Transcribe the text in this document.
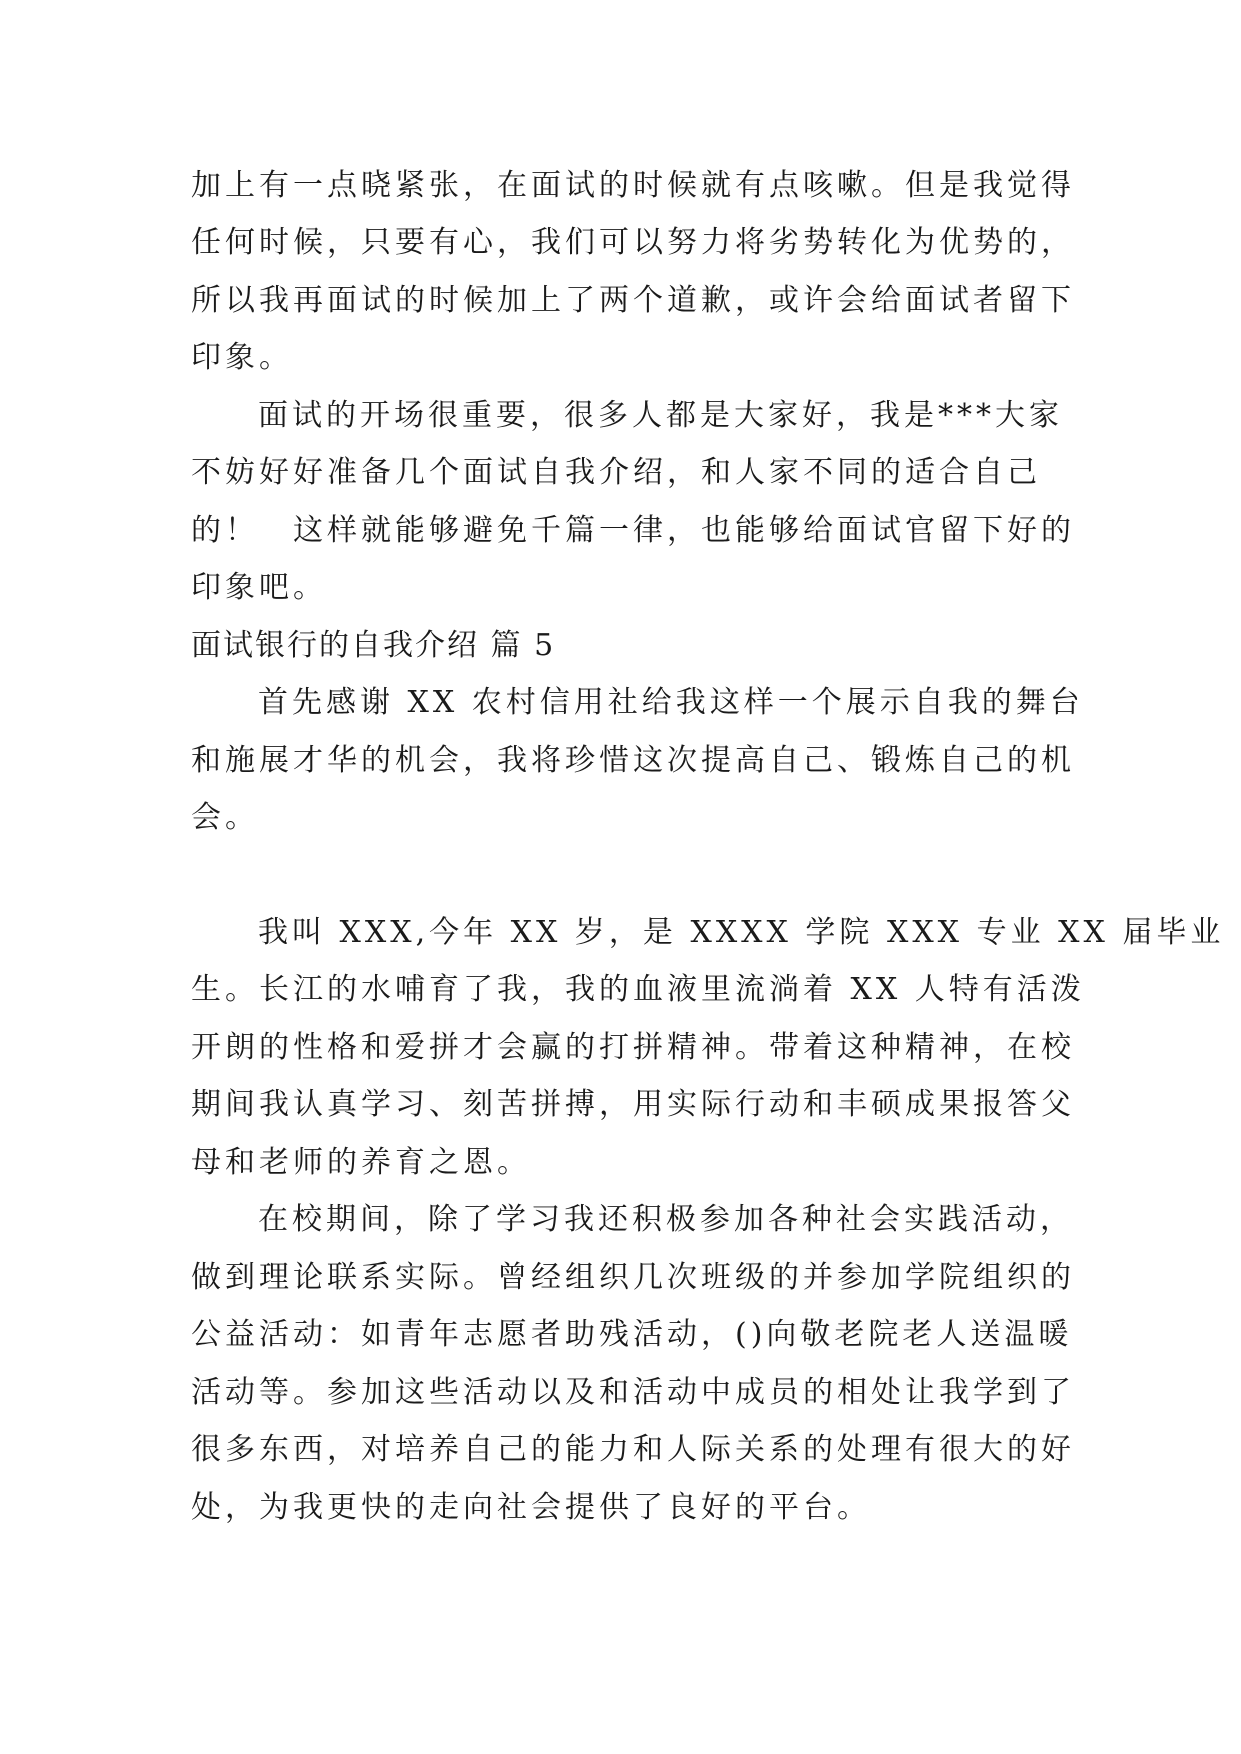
加上有一点晓紧张，在面试的时候就有点咳嗽。但是我觉得
任何时候，只要有心，我们可以努力将劣势转化为优势的，
所以我再面试的时候加上了两个道歉，或许会给面试者留下
印象。
面试的开场很重要，很多人都是大家好，我是***大家
不妨好好准备几个面试自我介绍，和人家不同的适合自己
的！　这样就能够避免千篇一律，也能够给面试官留下好的
印象吧。
面试银行的自我介绍 篇 5
首先感谢 XX 农村信用社给我这样一个展示自我的舞台
和施展才华的机会，我将珍惜这次提高自己、锻炼自己的机
会。
我叫 XXX,今年 XX 岁，是 XXXX 学院 XXX 专业 XX 届毕业
生。长江的水哺育了我，我的血液里流淌着 XX 人特有活泼
开朗的性格和爱拼才会赢的打拼精神。带着这种精神，在校
期间我认真学习、刻苦拼搏，用实际行动和丰硕成果报答父
母和老师的养育之恩。
在校期间，除了学习我还积极参加各种社会实践活动，
做到理论联系实际。曾经组织几次班级的并参加学院组织的
公益活动：如青年志愿者助残活动，()向敬老院老人送温暖
活动等。参加这些活动以及和活动中成员的相处让我学到了
很多东西，对培养自己的能力和人际关系的处理有很大的好
处，为我更快的走向社会提供了良好的平台。
